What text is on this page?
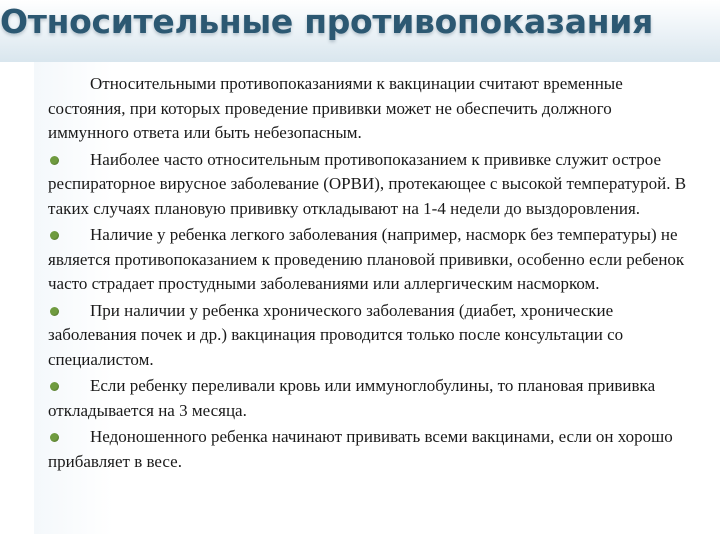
Относительные противопоказания

Относительными противопоказаниями к вакцинации считают временные состояния, при которых проведение прививки может не обеспечить должного иммунного ответа или быть небезопасным.

Наиболее часто относительным противопоказанием к прививке служит острое респираторное вирусное заболевание (ОРВИ), протекающее с высокой температурой. В таких случаях плановую прививку откладывают на 1-4 недели до выздоровления.

Наличие у ребенка легкого заболевания (например, насморк без температуры) не является противопоказанием к проведению плановой прививки, особенно если ребенок часто страдает простудными заболеваниями или аллергическим насморком.

При наличии у ребенка хронического заболевания (диабет, хронические заболевания почек и др.) вакцинация проводится только после консультации со специалистом.

Если ребенку переливали кровь или иммуноглобулины, то плановая прививка откладывается на 3 месяца.

Недоношенного ребенка начинают прививать всеми вакцинами, если он хорошо прибавляет в весе.
